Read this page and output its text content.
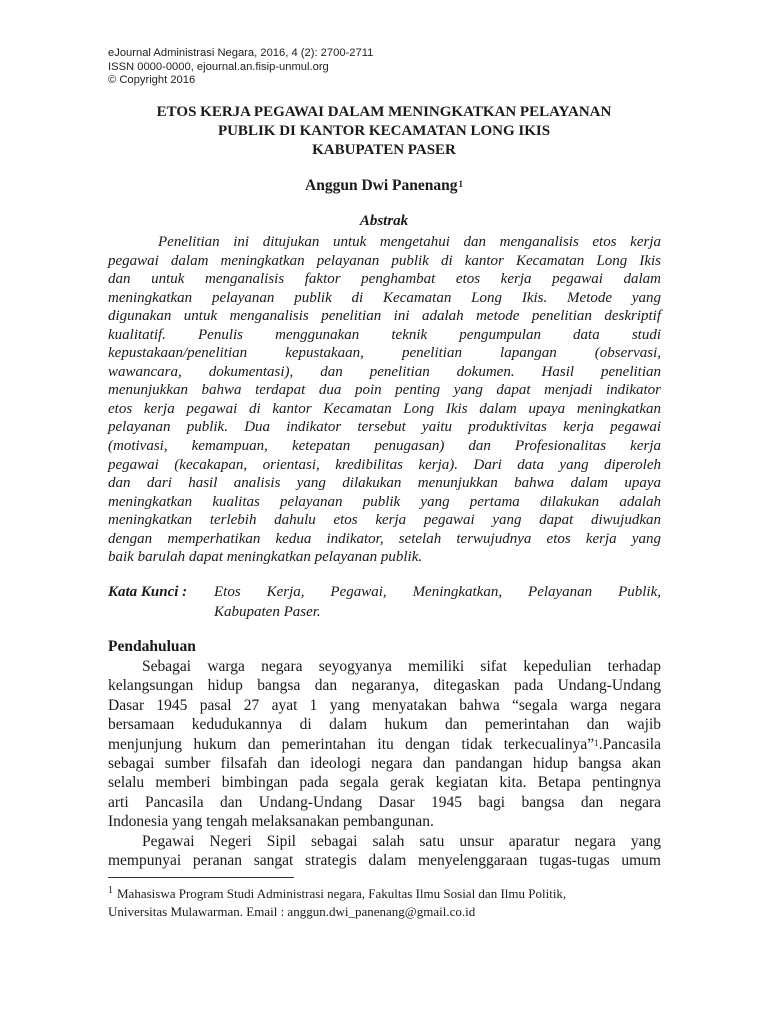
eJournal Administrasi Negara, 2016, 4 (2): 2700-2711
ISSN 0000-0000, ejournal.an.fisip-unmul.org
© Copyright 2016
ETOS KERJA PEGAWAI DALAM MENINGKATKAN PELAYANAN
PUBLIK DI KANTOR KECAMATAN LONG IKIS
KABUPATEN PASER
Anggun Dwi Panenang$^1$
Abstrak
Penelitian ini ditujukan untuk mengetahui dan menganalisis etos kerja
pegawai dalam meningkatkan pelayanan publik di kantor Kecamatan Long Ikis
dan untuk menganalisis faktor penghambat etos kerja pegawai dalam
meningkatkan pelayanan publik di Kecamatan Long Ikis. Metode yang
digunakan untuk menganalisis penelitian ini adalah metode penelitian deskriptif
kualitatif. Penulis menggunakan teknik pengumpulan data studi
kepustakaan/penelitian kepustakaan, penelitian lapangan (observasi,
wawancara, dokumentasi), dan penelitian dokumen. Hasil penelitian
menunjukkan bahwa terdapat dua poin penting yang dapat menjadi indikator
etos kerja pegawai di kantor Kecamatan Long Ikis dalam upaya meningkatkan
pelayanan publik. Dua indikator tersebut yaitu produktivitas kerja pegawai
(motivasi, kemampuan, ketepatan penugasan) dan Profesionalitas kerja
pegawai (kecakapan, orientasi, kredibilitas kerja). Dari data yang diperoleh
dan dari hasil analisis yang dilakukan menunjukkan bahwa dalam upaya
meningkatkan kualitas pelayanan publik yang pertama dilakukan adalah
meningkatkan terlebih dahulu etos kerja pegawai yang dapat diwujudkan
dengan memperhatikan kedua indikator, setelah terwujudnya etos kerja yang
baik barulah dapat meningkatkan pelayanan publik.
Kata Kunci : Etos Kerja, Pegawai, Meningkatkan, Pelayanan Publik,
Kabupaten Paser.
Pendahuluan
Sebagai warga negara seyogyanya memiliki sifat kepedulian terhadap
kelangsungan hidup bangsa dan negaranya, ditegaskan pada Undang-Undang
Dasar 1945 pasal 27 ayat 1 yang menyatakan bahwa “segala warga negara
bersamaan kedudukannya di dalam hukum dan pemerintahan dan wajib
menjunjung hukum dan pemerintahan itu dengan tidak terkecualinya”$^1$.Pancasila
sebagai sumber filsafah dan ideologi negara dan pandangan hidup bangsa akan
selalu memberi bimbingan pada segala gerak kegiatan kita. Betapa pentingnya
arti Pancasila dan Undang-Undang Dasar 1945 bagi bangsa dan negara
Indonesia yang tengah melaksanakan pembangunan.
Pegawai Negeri Sipil sebagai salah satu unsur aparatur negara yang
mempunyai peranan sangat strategis dalam menyelenggaraan tugas-tugas umum
$^1$ Mahasiswa Program Studi Administrasi negara, Fakultas Ilmu Sosial dan Ilmu Politik,
Universitas Mulawarman. Email : anggun.dwi_panenang@gmail.co.id
